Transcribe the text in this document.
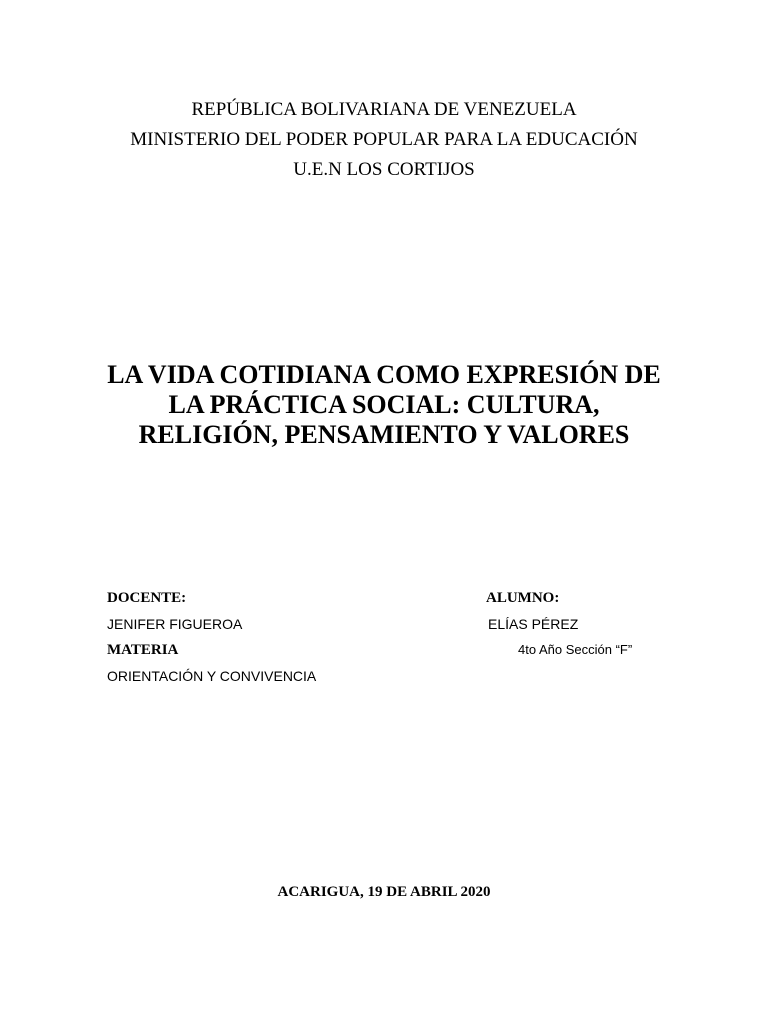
REPÚBLICA BOLIVARIANA DE VENEZUELA
MINISTERIO DEL PODER POPULAR PARA LA EDUCACIÓN
U.E.N LOS CORTIJOS
LA VIDA COTIDIANA COMO EXPRESIÓN DE
LA PRÁCTICA SOCIAL: CULTURA,
RELIGIÓN, PENSAMIENTO Y VALORES
DOCENTE:
JENIFER FIGUEROA
MATERIA
ORIENTACIÓN Y CONVIVENCIA
ALUMNO:
ELÍAS PÉREZ
4to Año Sección “F”
ACARIGUA, 19 DE ABRIL 2020
